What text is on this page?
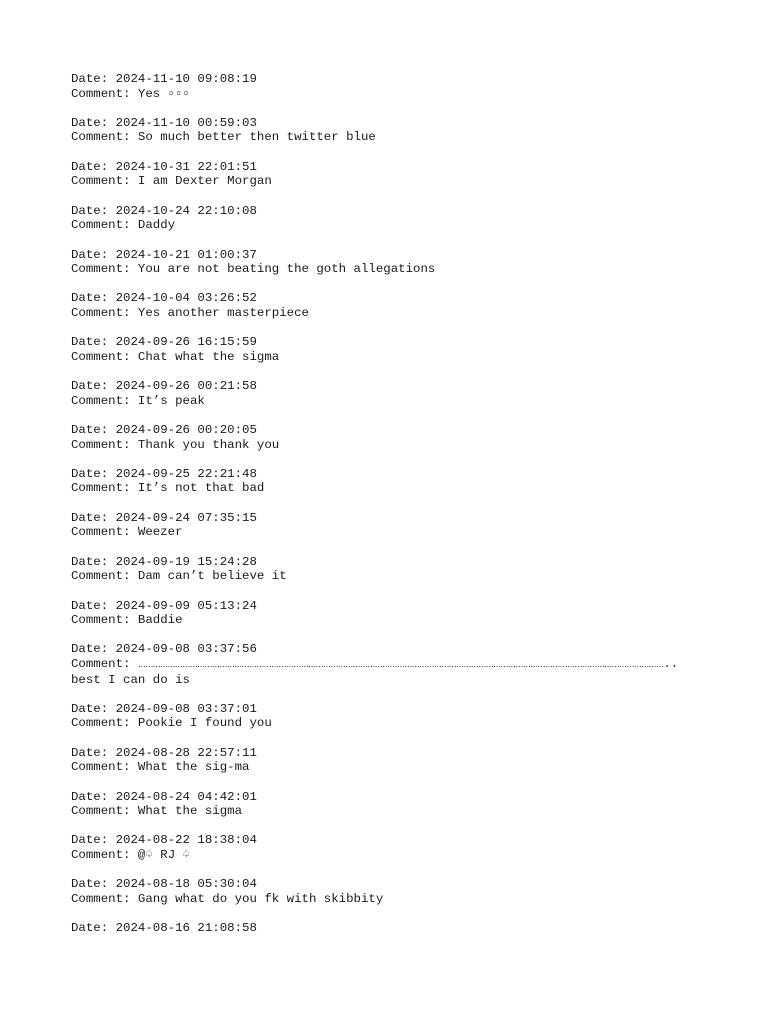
Date: 2024-11-10 09:08:19
Comment: Yes ▫▫▫
Date: 2024-11-10 00:59:03
Comment: So much better then twitter blue
Date: 2024-10-31 22:01:51
Comment: I am Dexter Morgan
Date: 2024-10-24 22:10:08
Comment: Daddy
Date: 2024-10-21 01:00:37
Comment: You are not beating the goth allegations
Date: 2024-10-04 03:26:52
Comment: Yes another masterpiece
Date: 2024-09-26 16:15:59
Comment: Chat what the sigma
Date: 2024-09-26 00:21:58
Comment: It’s peak
Date: 2024-09-26 00:20:05
Comment: Thank you thank you
Date: 2024-09-25 22:21:48
Comment: It’s not that bad
Date: 2024-09-24 07:35:15
Comment: Weezer
Date: 2024-09-19 15:24:28
Comment: Dam can’t believe it
Date: 2024-09-09 05:13:24
Comment: Baddie
Date: 2024-09-08 03:37:56
Comment: …………………………………………………………………………………………………………………………………………………………………………………………….. best I can do is
Date: 2024-09-08 03:37:01
Comment: Pookie I found you
Date: 2024-08-28 22:57:11
Comment: What the sig-ma
Date: 2024-08-24 04:42:01
Comment: What the sigma
Date: 2024-08-22 18:38:04
Comment: @♤ RJ ♤
Date: 2024-08-18 05:30:04
Comment: Gang what do you fk with skibbity
Date: 2024-08-16 21:08:58
